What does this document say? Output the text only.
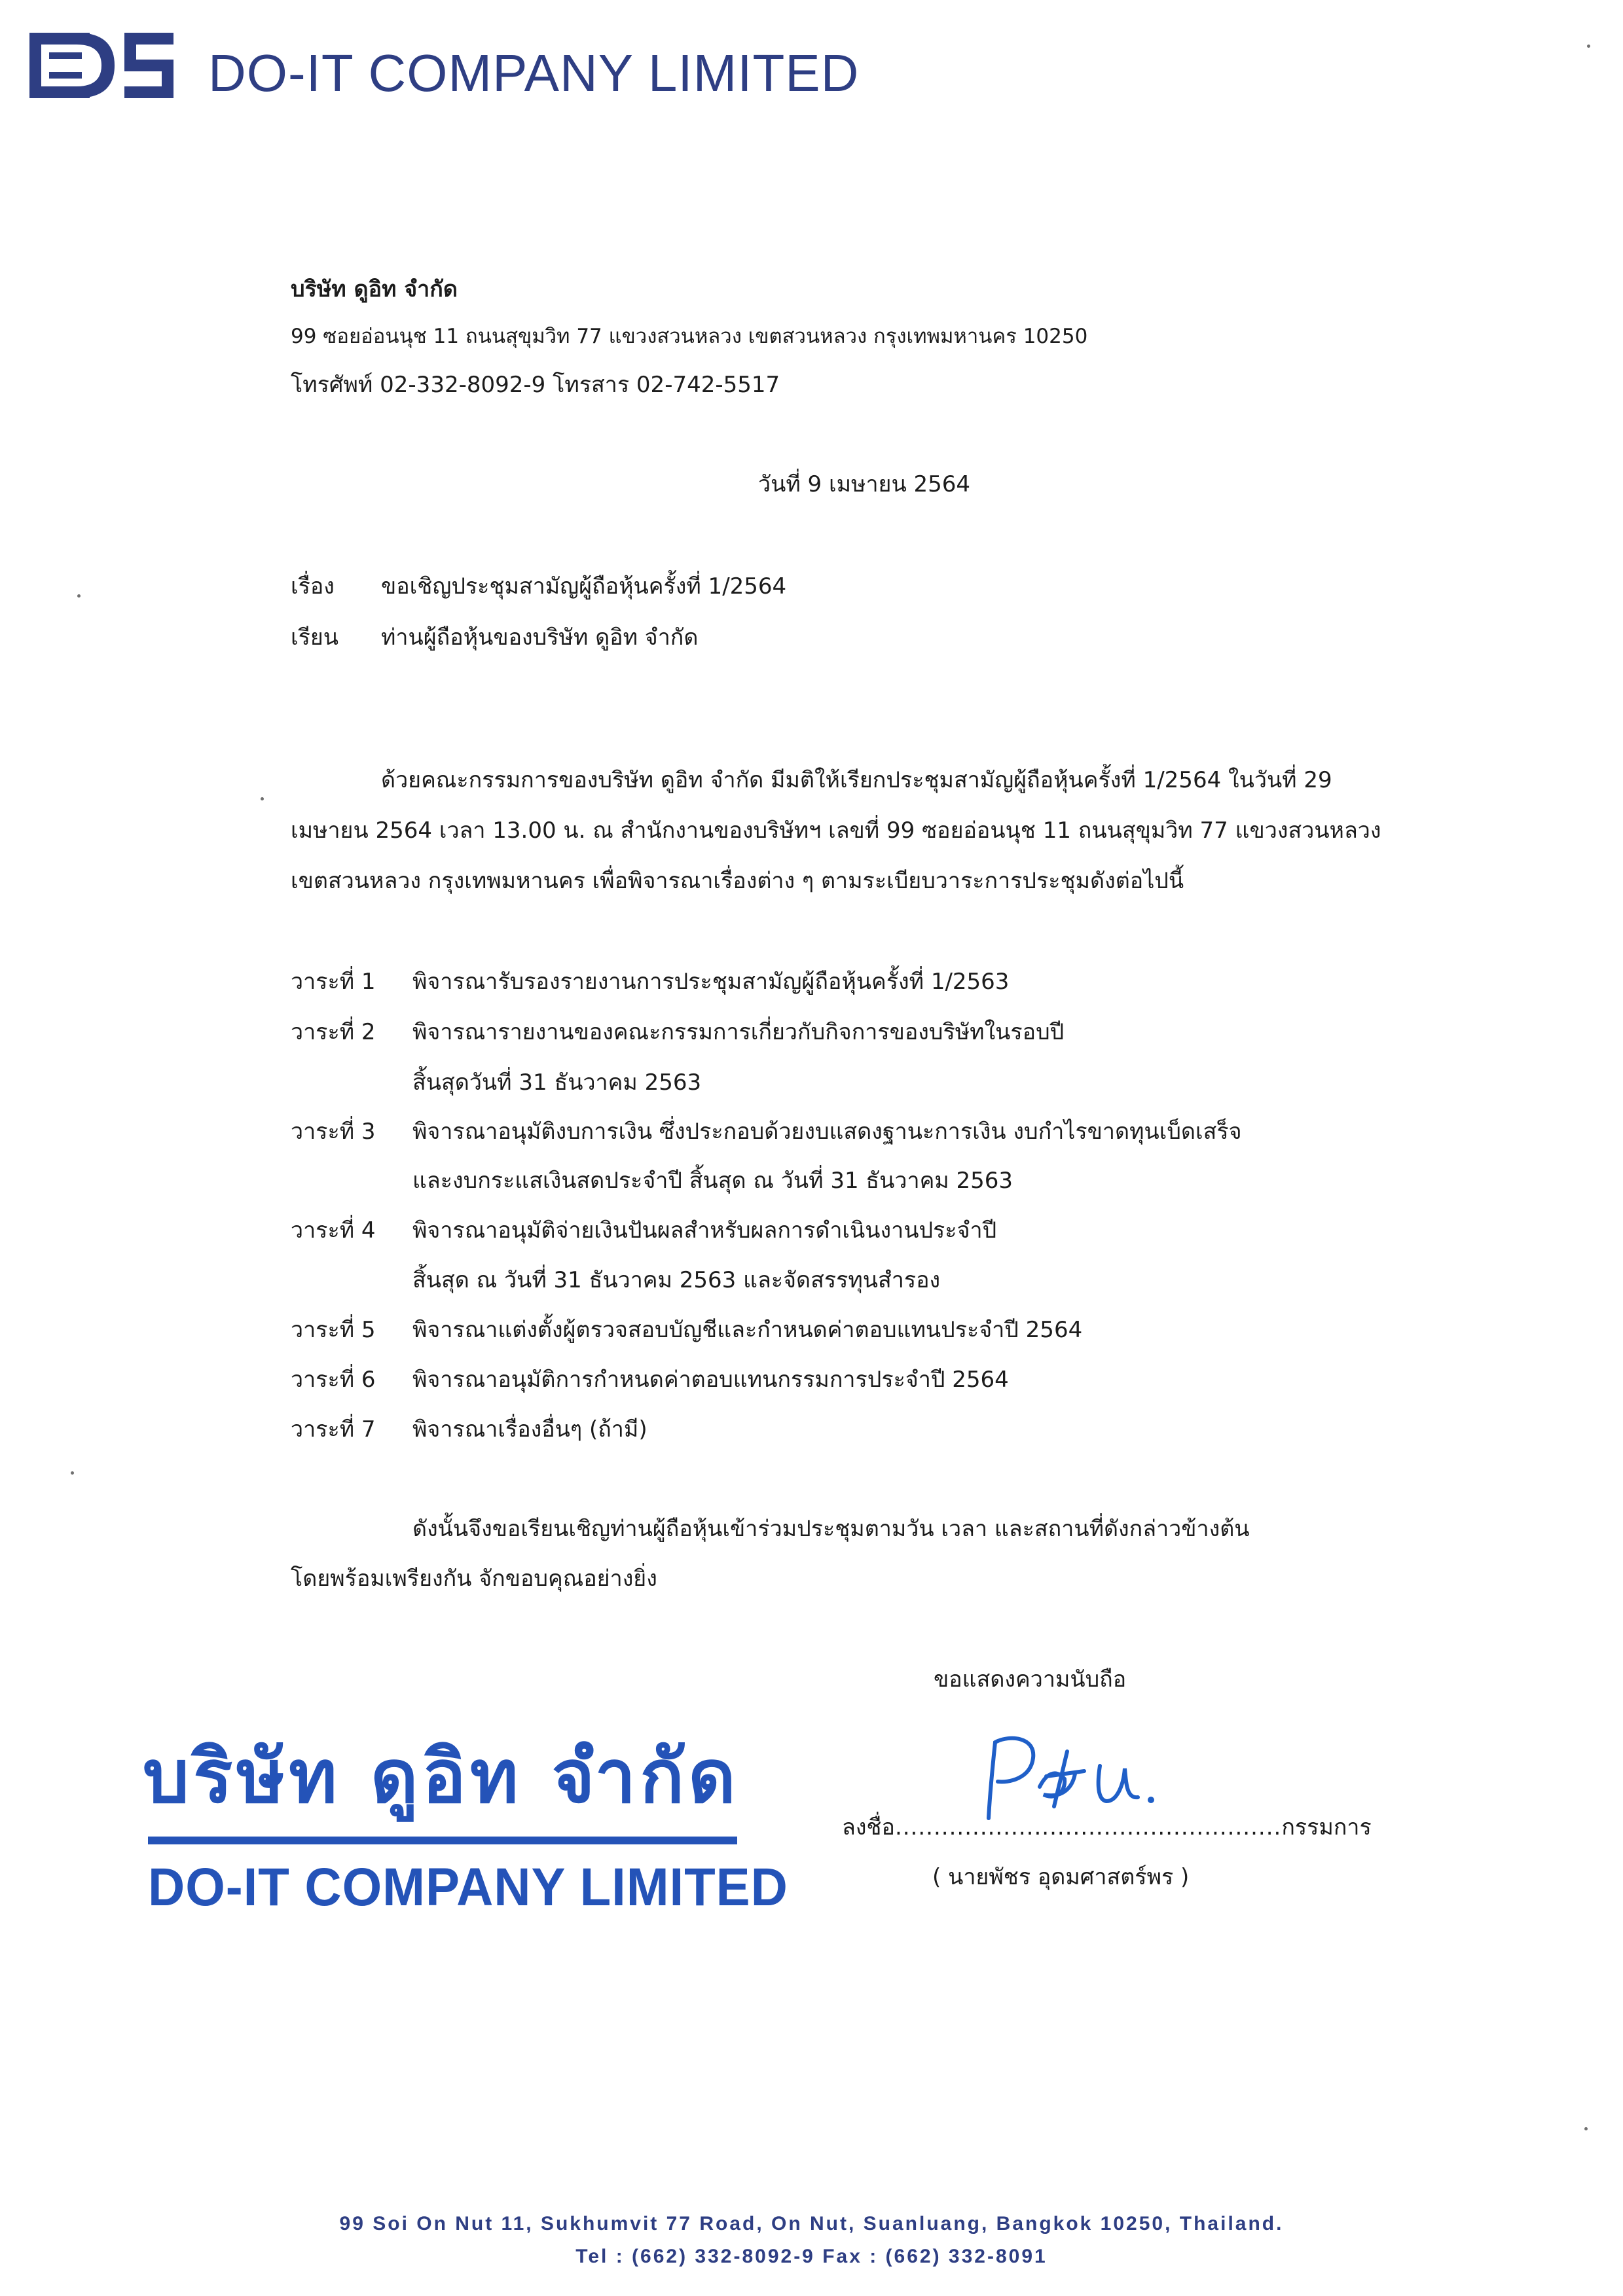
DO-IT COMPANY LIMITED
บริษัท ดูอิท จำกัด
99 ซอยอ่อนนุช 11 ถนนสุขุมวิท 77 แขวงสวนหลวง เขตสวนหลวง กรุงเทพมหานคร 10250
โทรศัพท์ 02-332-8092-9 โทรสาร 02-742-5517
วันที่ 9 เมษายน 2564
เรื่อง ขอเชิญประชุมสามัญผู้ถือหุ้นครั้งที่ 1/2564
เรียน ท่านผู้ถือหุ้นของบริษัท ดูอิท จำกัด
ด้วยคณะกรรมการของบริษัท ดูอิท จำกัด มีมติให้เรียกประชุมสามัญผู้ถือหุ้นครั้งที่ 1/2564 ในวันที่ 29
เมษายน 2564 เวลา 13.00 น. ณ สำนักงานของบริษัทฯ เลขที่ 99 ซอยอ่อนนุช 11 ถนนสุขุมวิท 77 แขวงสวนหลวง
เขตสวนหลวง กรุงเทพมหานคร เพื่อพิจารณาเรื่องต่าง ๆ ตามระเบียบวาระการประชุมดังต่อไปนี้
วาระที่ 1 พิจารณารับรองรายงานการประชุมสามัญผู้ถือหุ้นครั้งที่ 1/2563
วาระที่ 2 พิจารณารายงานของคณะกรรมการเกี่ยวกับกิจการของบริษัทในรอบปี
สิ้นสุดวันที่ 31 ธันวาคม 2563
วาระที่ 3 พิจารณาอนุมัติงบการเงิน ซึ่งประกอบด้วยงบแสดงฐานะการเงิน งบกำไรขาดทุนเบ็ดเสร็จ
และงบกระแสเงินสดประจำปี สิ้นสุด ณ วันที่ 31 ธันวาคม 2563
วาระที่ 4 พิจารณาอนุมัติจ่ายเงินปันผลสำหรับผลการดำเนินงานประจำปี
สิ้นสุด ณ วันที่ 31 ธันวาคม 2563 และจัดสรรทุนสำรอง
วาระที่ 5 พิจารณาแต่งตั้งผู้ตรวจสอบบัญชีและกำหนดค่าตอบแทนประจำปี 2564
วาระที่ 6 พิจารณาอนุมัติการกำหนดค่าตอบแทนกรรมการประจำปี 2564
วาระที่ 7 พิจารณาเรื่องอื่นๆ (ถ้ามี)
ดังนั้นจึงขอเรียนเชิญท่านผู้ถือหุ้นเข้าร่วมประชุมตามวัน เวลา และสถานที่ดังกล่าวข้างต้น
โดยพร้อมเพรียงกัน จักขอบคุณอย่างยิ่ง
ขอแสดงความนับถือ
ลงชื่อ..................................................กรรมการ
( นายพัชร อุดมศาสตร์พร )
บริษัท ดูอิท จำกัด
DO-IT COMPANY LIMITED
99 Soi On Nut 11, Sukhumvit 77 Road, On Nut, Suanluang, Bangkok 10250, Thailand.
Tel : (662) 332-8092-9 Fax : (662) 332-8091
